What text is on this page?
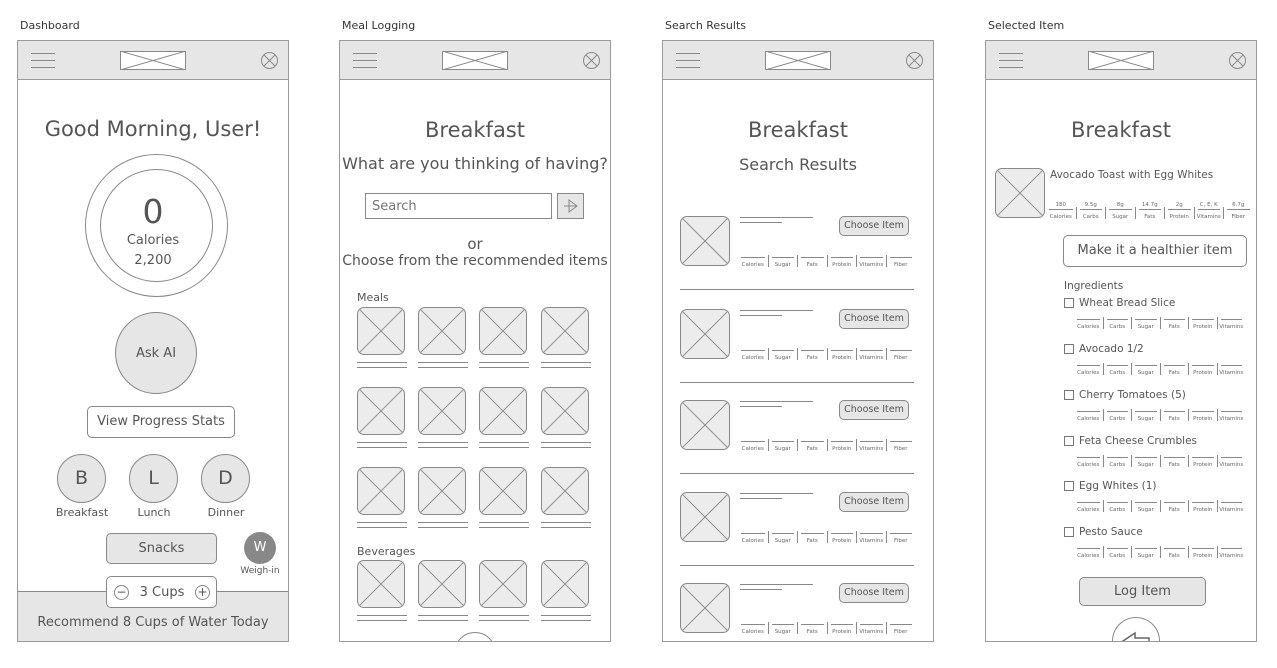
Dashboard	Meal Logging	Search Results	Selected Item
Good Morning, User!
0
Calories
2,200
Ask AI
View Progress Stats
B
Breakfast
L
Lunch
D
Dinner
Snacks	W
Weigh-in
Recommend 8 Cups of Water Today
−	3 Cups	+
Breakfast
What are you thinking of having?
Search
or
Choose from the recommended items
Meals
Beverages
Breakfast
Search Results
Choose Item
Calories	Sugar	Fats	Protein	Vitamins	Fiber
Choose Item
Calories	Sugar	Fats	Protein	Vitamins	Fiber
Choose Item
Calories	Sugar	Fats	Protein	Vitamins	Fiber
Choose Item
Calories	Sugar	Fats	Protein	Vitamins	Fiber
Choose Item
Calories	Sugar	Fats	Protein	Vitamins	Fiber
Breakfast
Avocado Toast with Egg Whites
180
Calories
9.5g
Carbs
8g
Sugar
14.7g
Fats
2g
Protein
C, E, K
Vitamins
6.7g
Fiber
Make it a healthier item
Ingredients
Wheat Bread Slice
Calories	Carbs	Sugar	Fats	Protein	Vitamins
Avocado 1/2
Calories	Carbs	Sugar	Fats	Protein	Vitamins
Cherry Tomatoes (5)
Calories	Carbs	Sugar	Fats	Protein	Vitamins
Feta Cheese Crumbles
Calories	Carbs	Sugar	Fats	Protein	Vitamins
Egg Whites (1)
Calories	Carbs	Sugar	Fats	Protein	Vitamins
Pesto Sauce
Calories	Carbs	Sugar	Fats	Protein	Vitamins
Log Item
